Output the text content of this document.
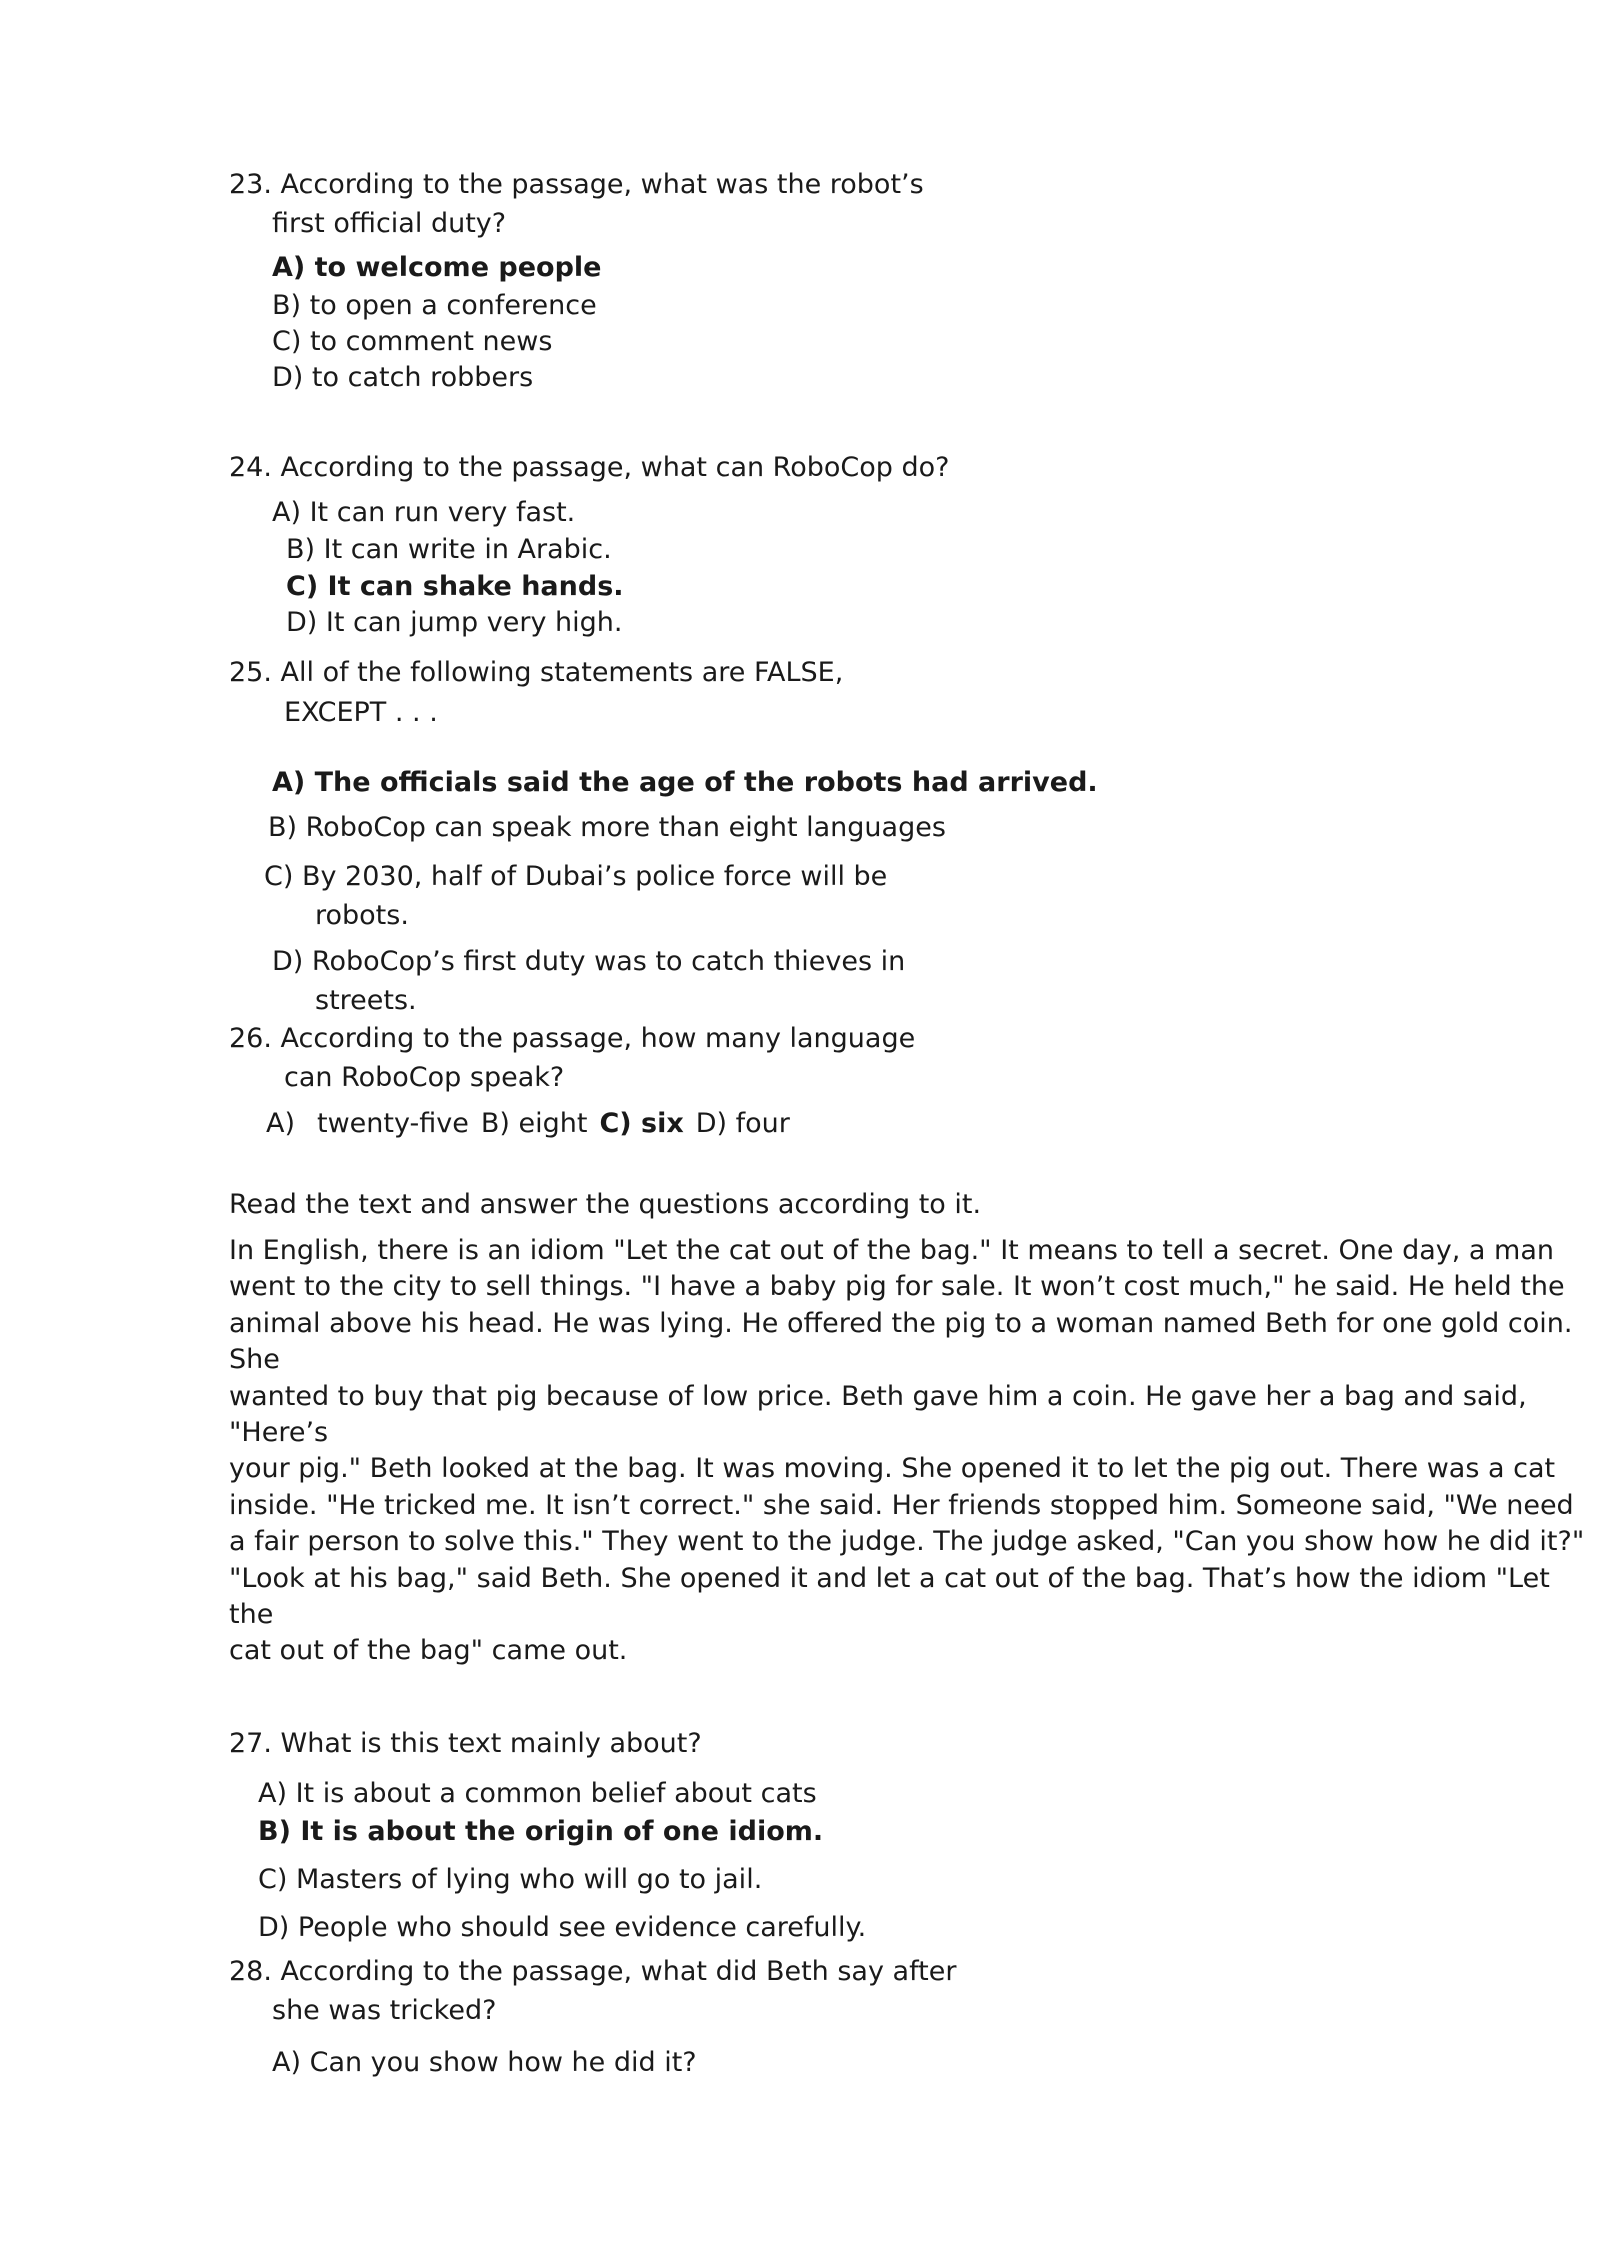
23. According to the passage, what was the robot’s
first official duty?
A) to welcome people
B) to open a conference
C) to comment news
D) to catch robbers
24. According to the passage, what can RoboCop do?
A) It can run very fast.
B) It can write in Arabic.
C) It can shake hands.
D) It can jump very high.
25. All of the following statements are FALSE,
EXCEPT . . .
A) The officials said the age of the robots had arrived.
B) RoboCop can speak more than eight languages
C) By 2030, half of Dubai’s police force will be
robots.
D) RoboCop’s first duty was to catch thieves in
streets.
26. According to the passage, how many language
can RoboCop speak?
A) twenty-five B) eight C) six D) four
Read the text and answer the questions according to it.
In English, there is an idiom "Let the cat out of the bag." It means to tell a secret. One day, a man
went to the city to sell things. "I have a baby pig for sale. It won’t cost much," he said. He held the
animal above his head. He was lying. He offered the pig to a woman named Beth for one gold coin.
She
wanted to buy that pig because of low price. Beth gave him a coin. He gave her a bag and said,
"Here’s
your pig." Beth looked at the bag. It was moving. She opened it to let the pig out. There was a cat
inside. "He tricked me. It isn’t correct." she said. Her friends stopped him. Someone said, "We need
a fair person to solve this." They went to the judge. The judge asked, "Can you show how he did it?"
"Look at his bag," said Beth. She opened it and let a cat out of the bag. That’s how the idiom "Let
the
cat out of the bag" came out.
27. What is this text mainly about?
A) It is about a common belief about cats
B) It is about the origin of one idiom.
C) Masters of lying who will go to jail.
D) People who should see evidence carefully.
28. According to the passage, what did Beth say after
she was tricked?
A) Can you show how he did it?
